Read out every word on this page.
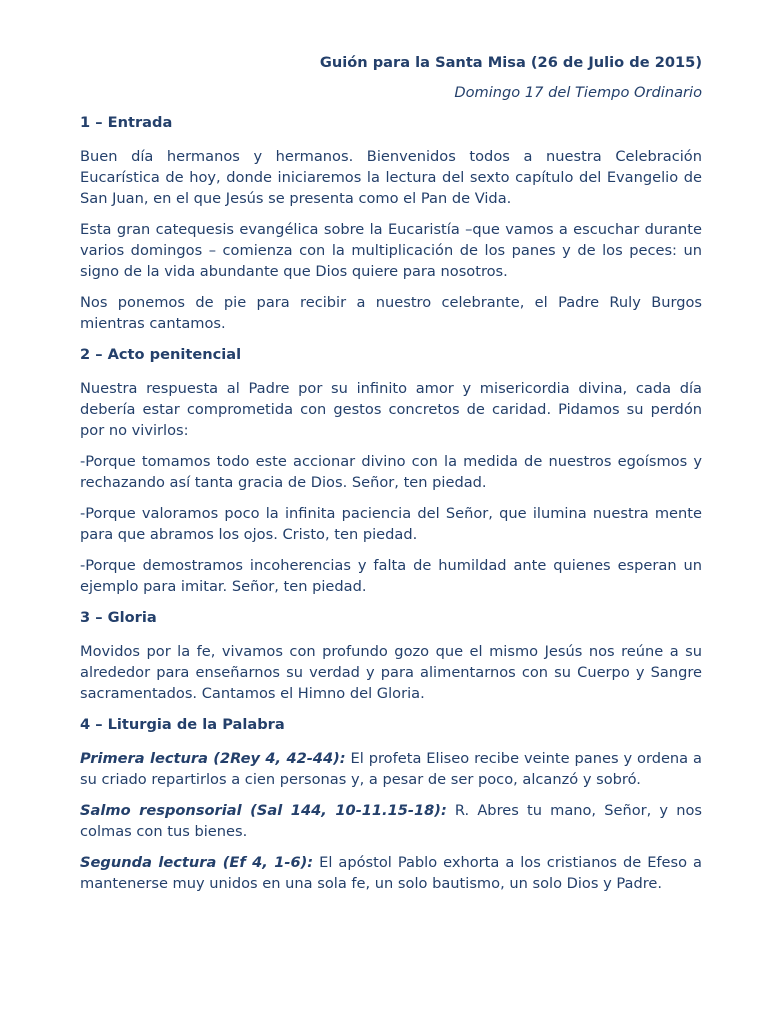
Guión para la Santa Misa (26 de Julio de 2015)
Domingo 17 del Tiempo Ordinario
1 – Entrada

Buen día hermanos y hermanos. Bienvenidos todos a nuestra Celebración Eucarística de hoy, donde iniciaremos la lectura del sexto capítulo del Evangelio de San Juan, en el que Jesús se presenta como el Pan de Vida.

Esta gran catequesis evangélica sobre la Eucaristía –que vamos a escuchar durante varios domingos – comienza con la multiplicación de los panes y de los peces: un signo de la vida abundante que Dios quiere para nosotros.

Nos ponemos de pie para recibir a nuestro celebrante, el Padre Ruly Burgos mientras cantamos.

2 – Acto penitencial

Nuestra respuesta al Padre por su infinito amor y misericordia divina, cada día debería estar comprometida con gestos concretos de caridad. Pidamos su perdón por no vivirlos:

-Porque tomamos todo este accionar divino con la medida de nuestros egoísmos y rechazando así tanta gracia de Dios. Señor, ten piedad.

-Porque valoramos poco la infinita paciencia del Señor, que ilumina nuestra mente para que abramos los ojos. Cristo, ten piedad.

-Porque demostramos incoherencias y falta de humildad ante quienes esperan un ejemplo para imitar. Señor, ten piedad.

3 – Gloria

Movidos por la fe, vivamos con profundo gozo que el mismo Jesús nos reúne a su alrededor para enseñarnos su verdad y para alimentarnos con su Cuerpo y Sangre sacramentados. Cantamos el Himno del Gloria.

4 – Liturgia de la Palabra

Primera lectura (2Rey 4, 42-44): El profeta Eliseo recibe veinte panes y ordena a su criado repartirlos a cien personas y, a pesar de ser poco, alcanzó y sobró.

Salmo responsorial (Sal 144, 10-11.15-18): R. Abres tu mano, Señor, y nos colmas con tus bienes.

Segunda lectura (Ef 4, 1-6): El apóstol Pablo exhorta a los cristianos de Efeso a mantenerse muy unidos en una sola fe, un solo bautismo, un solo Dios y Padre.
